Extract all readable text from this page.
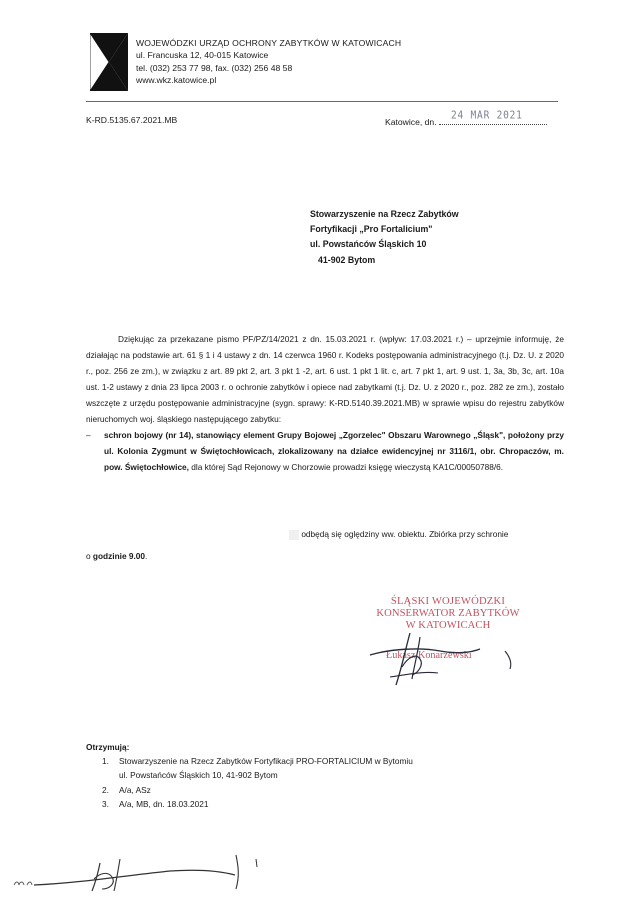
WOJEWÓDZKI URZĄD OCHRONY ZABYTKÓW W KATOWICACH
ul. Francuska 12, 40-015 Katowice
tel. (032) 253 77 98, fax. (032) 256 48 58
www.wkz.katowice.pl
K-RD.5135.67.2021.MB	Katowice, dn.
24 MAR 2021
Stowarzyszenie na Rzecz Zabytków
Fortyfikacji „Pro Fortalicium"
ul. Powstańców Śląskich 10
41-902 Bytom

Dziękując za przekazane pismo PF/PZ/14/2021 z dn. 15.03.2021 r. (wpływ: 17.03.2021 r.) – uprzejmie informuję, że działając na podstawie art. 61 § 1 i 4 ustawy z dn. 14 czerwca 1960 r. Kodeks postępowania administracyjnego (t.j. Dz. U. z 2020 r., poz. 256 ze zm.), w związku z art. 89 pkt 2, art. 3 pkt 1 -2, art. 6 ust. 1 pkt 1 lit. c, art. 7 pkt 1, art. 9 ust. 1, 3a, 3b, 3c, art. 10a ust. 1-2 ustawy z dnia 23 lipca 2003 r. o ochronie zabytków i opiece nad zabytkami (t.j. Dz. U. z 2020 r., poz. 282 ze zm.), zostało wszczęte z urzędu postępowanie administracyjne (sygn. sprawy: K-RD.5140.39.2021.MB) w sprawie wpisu do rejestru zabytków nieruchomych woj. śląskiego następującego zabytku:

– schron bojowy (nr 14), stanowiący element Grupy Bojowej „Zgorzelec" Obszaru Warownego „Śląsk", położony przy ul. Kolonia Zygmunt w Świętochłowicach, zlokalizowany na działce ewidencyjnej nr 3116/1, obr. Chropaczów, m. pow. Świętochłowice, dla której Sąd Rejonowy w Chorzowie prowadzi księgę wieczystą KA1C/00050788/6.

odbędą się oględziny ww. obiektu. Zbiórka przy schronie
o godzinie 9.00.
ŚLĄSKI WOJEWÓDZKI
KONSERWATOR ZABYTKÓW
W KATOWICACH
Łukasz Konarzewski
Otrzymują:
1. Stowarzyszenie na Rzecz Zabytków Fortyfikacji PRO-FORTALICIUM w Bytomiu
ul. Powstańców Śląskich 10, 41-902 Bytom
2. A/a, ASz
3. A/a, MB, dn. 18.03.2021
